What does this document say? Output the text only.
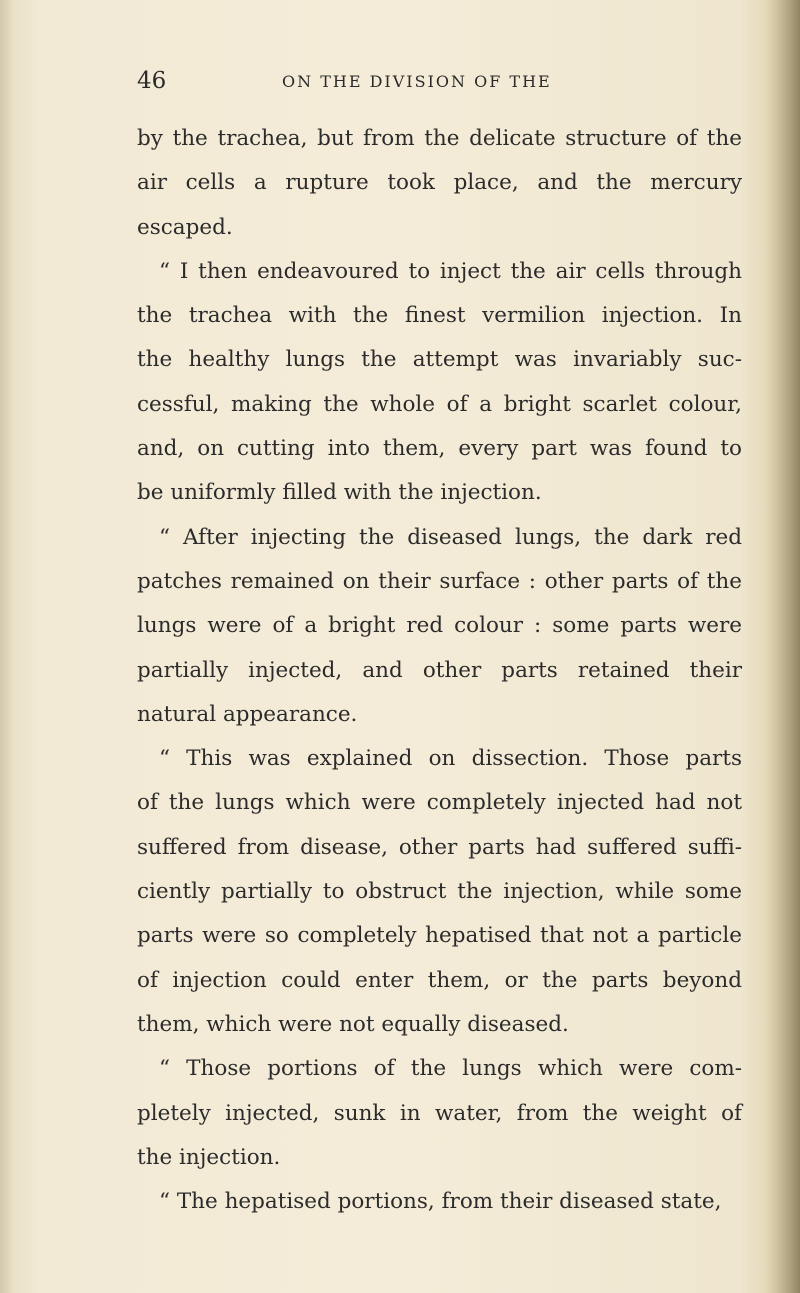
46	ON THE DIVISION OF THE
by the trachea, but from the delicate structure of the
air cells a rupture took place, and the mercury
escaped.
“ I then endeavoured to inject the air cells through
the trachea with the finest vermilion injection. In
the healthy lungs the attempt was invariably suc-
cessful, making the whole of a bright scarlet colour,
and, on cutting into them, every part was found to
be uniformly filled with the injection.
“ After injecting the diseased lungs, the dark red
patches remained on their surface : other parts of the
lungs were of a bright red colour : some parts were
partially injected, and other parts retained their
natural appearance.
“ This was explained on dissection. Those parts
of the lungs which were completely injected had not
suffered from disease, other parts had suffered suffi-
ciently partially to obstruct the injection, while some
parts were so completely hepatised that not a particle
of injection could enter them, or the parts beyond
them, which were not equally diseased.
“ Those portions of the lungs which were com-
pletely injected, sunk in water, from the weight of
the injection.
“ The hepatised portions, from their diseased state,
